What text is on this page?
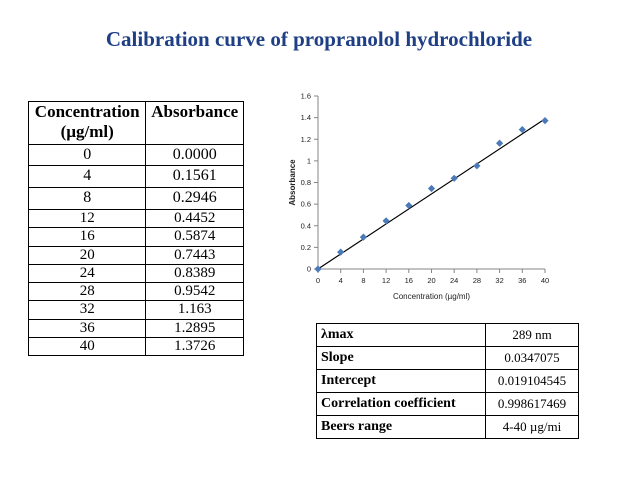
Calibration curve of propranolol hydrochloride
Concentration
(µg/ml)	Absorbance
0	0.0000
4	0.1561
8	0.2946
12	0.4452
16	0.5874
20	0.7443
24	0.8389
28	0.9542
32	1.163
36	1.2895
40	1.3726
0
0.2
0.4
0.6
0.8
1
1.2
1.4
1.6
0 4 8 12 16 20 24 28 32 36 40
Concentration (µg/ml)
Absorbance
λmax	289 nm
Slope	0.0347075
Intercept	0.019104545
Correlation coefficient	0.998617469
Beers range	4-40 µg/mi
